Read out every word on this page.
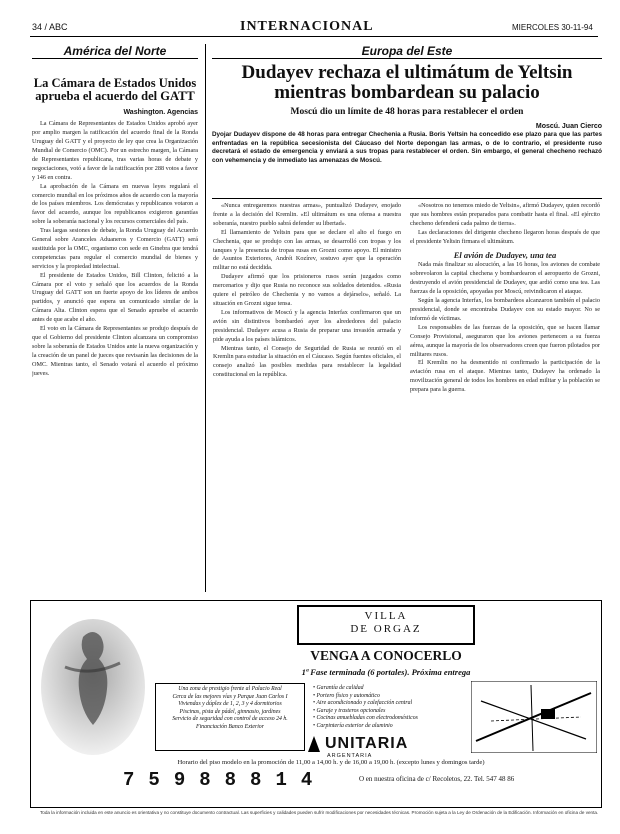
34 / ABC	INTERNACIONAL	MIERCOLES 30-11-94
América del Norte
La Cámara de Estados Unidos aprueba el acuerdo del GATT
Washington. Agencias

La Cámara de Representantes de Estados Unidos aprobó ayer por amplio margen la ratificación del acuerdo final de la Ronda Uruguay del GATT y el proyecto de ley que crea la Organización Mundial de Comercio (OMC). Por un estrecho margen, la Cámara de Representantes republicana, tras varias horas de debate y negociaciones, votó a favor de la ratificación por 288 votos a favor y 146 en contra.

La aprobación de la Cámara en nuevas leyes regulará el comercio mundial en los próximos años de acuerdo con la mayoría de los países miembros. Los demócratas y republicanos votaron a favor del acuerdo, aunque los republicanos exigieron garantías sobre la soberanía nacional y los recursos comerciales del país.

Tras largas sesiones de debate, la Ronda Uruguay del Acuerdo General sobre Aranceles Aduaneros y Comercio (GATT) será sustituida por la OMC, organismo con sede en Ginebra que tendrá competencias para regular el comercio mundial de bienes y servicios y la propiedad intelectual.

El presidente de Estados Unidos, Bill Clinton, felicitó a la Cámara por el voto y señaló que los acuerdos de la Ronda Uruguay del GATT son un fuerte apoyo de los líderes de ambos partidos, y anunció que espera un comunicado similar de la Cámara Alta. Clinton espera que el Senado apruebe el acuerdo antes de que acabe el año.

El voto en la Cámara de Representantes se produjo después de que el Gobierno del presidente Clinton alcanzara un compromiso sobre la soberanía de Estados Unidos ante la nueva organización y la creación de un panel de jueces que revisarán las decisiones de la OMC. Mientras tanto, el Senado votará el acuerdo el próximo jueves.

Europa del Este
Dudayev rechaza el ultimátum de Yeltsin mientras bombardean su palacio
Moscú dio un límite de 48 horas para restablecer el orden
Moscú. Juan Cierco
Dyojar Dudayev dispone de 48 horas para entregar Chechenia a Rusia. Boris Yeltsin ha concedido ese plazo para que las partes enfrentadas en la república secesionista del Cáucaso del Norte depongan las armas, o de lo contrario, el presidente ruso decretará el estado de emergencia y enviará a sus tropas para restablecer el orden. Sin embargo, el general checheno rechazó con vehemencia y de inmediato las amenazas de Moscú.

«Nunca entregaremos nuestras armas», puntualizó Dudayev, enojado frente a la decisión del Kremlin. «El ultimátum es una ofensa a nuestra soberanía, nuestro pueblo sabrá defender su libertad».

El llamamiento de Yeltsin para que se declare el alto el fuego en Chechenia, que se produjo con las armas, se desarrolló con tropas y los tanques y la presencia de tropas rusas en Grozni como apoyo. El ministro de Asuntos Exteriores, Andréi Kozírev, sostuvo ayer que la operación militar no está decidida.

Dudayev afirmó que los prisioneros rusos serán juzgados como mercenarios y dijo que Rusia no reconoce sus soldados detenidos. «Rusia quiere el petróleo de Chechenia y no vamos a dejárselo», señaló. La situación en Grozni sigue tensa.

Los informativos de Moscú y la agencia Interfax confirmaron que un avión sin distintivos bombardeó ayer los alrededores del palacio presidencial. Dudayev acusa a Rusia de preparar una invasión armada y pide ayuda a los países islámicos.

Mientras tanto, el Consejo de Seguridad de Rusia se reunió en el Kremlin para estudiar la situación en el Cáucaso. Según fuentes oficiales, el consejo analizó las posibles medidas para restablecer la legalidad constitucional en la república.

«Nosotros no tenemos miedo de Yeltsin», afirmó Dudayev, quien recordó que sus hombres están preparados para combatir hasta el final. «El ejército checheno defenderá cada palmo de tierra».

Las declaraciones del dirigente checheno llegaron horas después de que el presidente Yeltsin firmara el ultimátum.

El avión de Dudayev, una tea

Nada más finalizar su alocución, a las 16 horas, los aviones de combate sobrevolaron la capital chechena y bombardearon el aeropuerto de Grozni, destruyendo el avión presidencial de Dudayev, que ardió como una tea. Las fuerzas de la oposición, apoyadas por Moscú, reivindicaron el ataque.

Según la agencia Interfax, los bombardeos alcanzaron también el palacio presidencial, donde se encontraba Dudayev con su estado mayor. No se informó de víctimas.

Los responsables de las fuerzas de la oposición, que se hacen llamar Consejo Provisional, aseguraron que los aviones pertenecen a su fuerza aérea, aunque la mayoría de los observadores creen que fueron pilotados por militares rusos.

El Kremlin no ha desmentido ni confirmado la participación de la aviación rusa en el ataque. Mientras tanto, Dudayev ha ordenado la movilización general de todos los hombres en edad militar y la población se prepara para la guerra.

VILLA
DE ORGAZ
VENGA A CONOCERLO
1ª Fase terminada (6 portales). Próxima entrega
Una zona de prestigio frente al Palacio Real
Cerca de las mejores vías y Parque Juan Carlos I
Viviendas y dúplex de 1, 2, 3 y 4 dormitorios
Piscinas, pista de pádel, gimnasio, jardines
Servicio de seguridad con control de acceso 24 h.
Financiación Banco Exterior
• Garantía de calidad
• Portero físico y automático
• Aire acondicionado y calefacción central
• Garaje y trasteros opcionales
• Cocinas amuebladas con electrodomésticos
• Carpintería exterior de aluminio
UNITARIA
ARGENTARIA
Horario del piso modelo en la promoción de 11,00 a 14,00 h. y de 16,00 a 19,00 h. (excepto lunes y domingos tarde)
75988814	O en nuestra oficina de c/ Recoletos, 22. Tel. 547 48 86
Toda la información incluida en este anuncio es orientativa y no constituye documento contractual. Las superficies y calidades pueden sufrir modificaciones por necesidades técnicas. Promoción sujeta a la Ley de Ordenación de la Edificación. Información en oficina de venta.
